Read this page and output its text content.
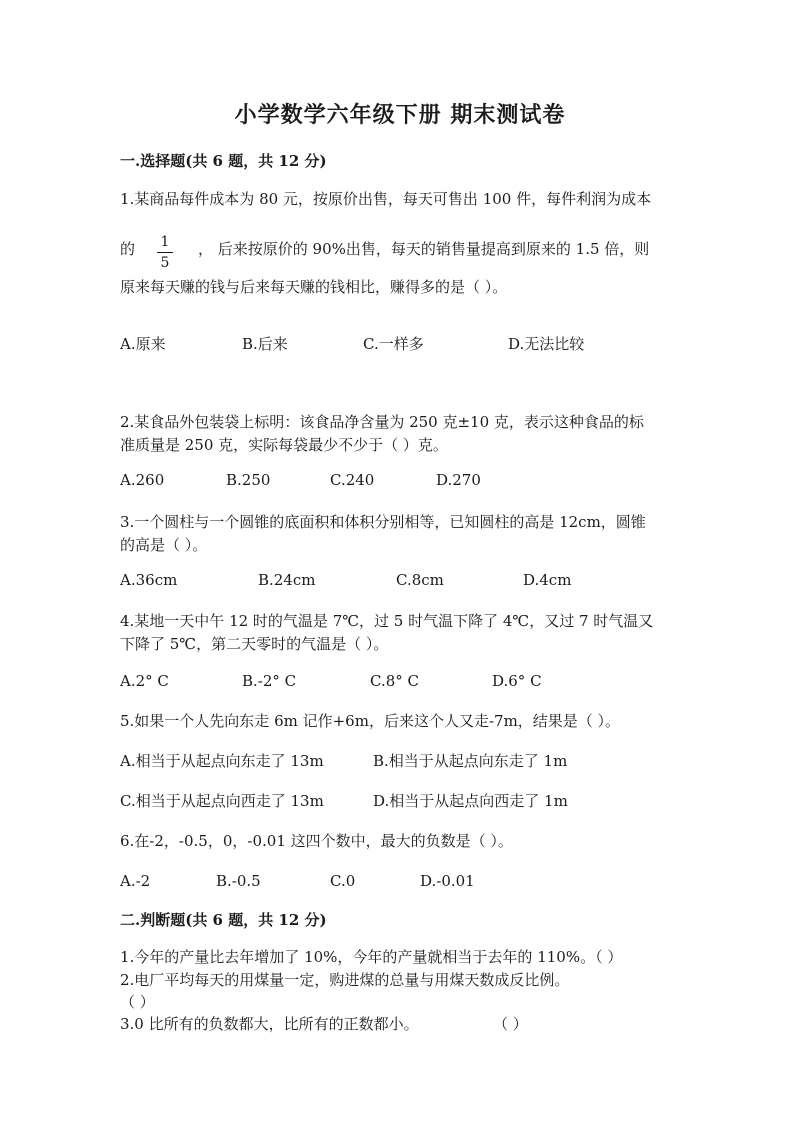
小学数学六年级下册 期末测试卷
一.选择题(共 6 题，共 12 分)
1.某商品每件成本为 80 元，按原价出售，每天可售出 100 件，每件利润为成本
的	1
5
， 后来按原价的 90%出售，每天的销售量提高到原来的 1.5 倍，则
原来每天赚的钱与后来每天赚的钱相比，赚得多的是（ ）。
A.原来	B.后来	C.一样多	D.无法比较
2.某食品外包装袋上标明：该食品净含量为 250 克±10 克，表示这种食品的标
准质量是 250 克，实际每袋最少不少于（ ）克。
A.260	B.250	C.240	D.270
3.一个圆柱与一个圆锥的底面积和体积分别相等，已知圆柱的高是 12cm，圆锥
的高是（ ）。
A.36cm	B.24cm	C.8cm	D.4cm
4.某地一天中午 12 时的气温是 7℃，过 5 时气温下降了 4℃，又过 7 时气温又
下降了 5℃，第二天零时的气温是（ ）。
A.2° C	B.-2° C	C.8° C	D.6° C
5.如果一个人先向东走 6m 记作+6m，后来这个人又走-7m，结果是（ ）。
A.相当于从起点向东走了 13m	B.相当于从起点向东走了 1m
C.相当于从起点向西走了 13m	D.相当于从起点向西走了 1m
6.在-2，-0.5，0，-0.01 这四个数中，最大的负数是（ ）。
A.-2	B.-0.5	C.0	D.-0.01
二.判断题(共 6 题，共 12 分)
1.今年的产量比去年增加了 10%，今年的产量就相当于去年的 110%。（ ）
2.电厂平均每天的用煤量一定，购进煤的总量与用煤天数成反比例。
（ ）
3.0 比所有的负数都大，比所有的正数都小。	（ ）
